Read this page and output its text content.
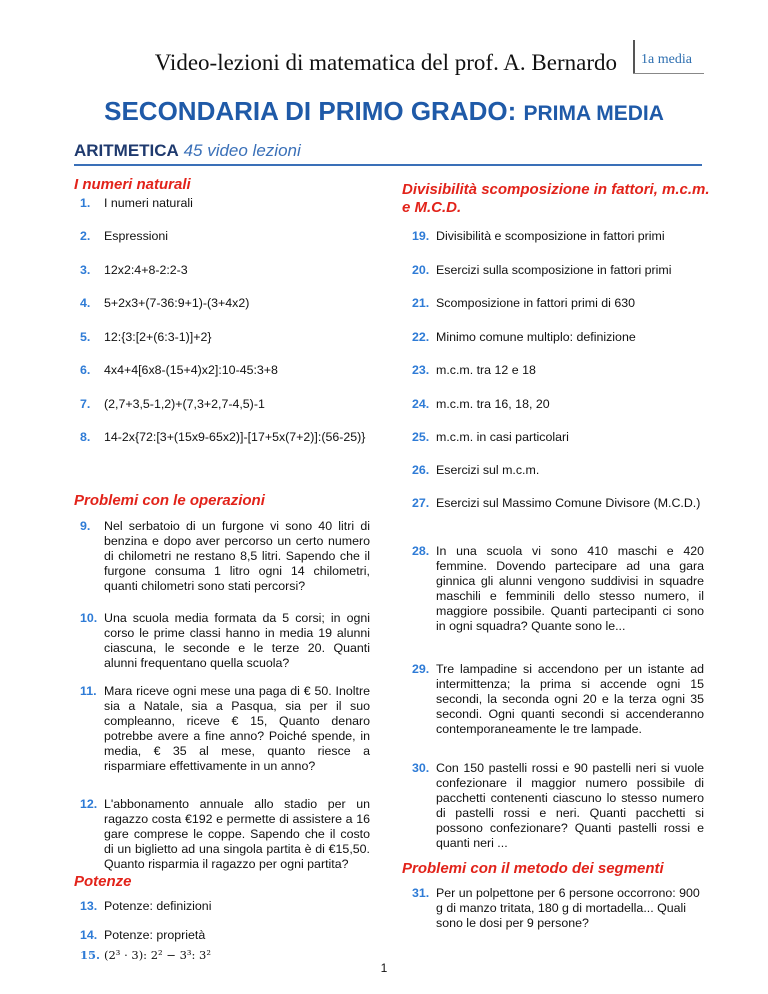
Video-lezioni di matematica del prof. A. Bernardo 1a media
SECONDARIA DI PRIMO GRADO: PRIMA MEDIA
ARITMETICA 45 video lezioni
I numeri naturali
1.	I numeri naturali
2.	Espressioni
3.	12x2:4+8-2:2-3
4.	5+2x3+(7-36:9+1)-(3+4x2)
5.	12:{3:[2+(6:3-1)]+2}
6.	4x4+4[6x8-(15+4)x2]:10-45:3+8
7.	(2,7+3,5-1,2)+(7,3+2,7-4,5)-1
8.	14-2x{72:[3+(15x9-65x2)]-[17+5x(7+2)]:(56-25)}
Problemi con le operazioni
9.	Nel serbatoio di un furgone vi sono 40 litri di benzina e dopo aver percorso un certo numero di chilometri ne restano 8,5 litri. Sapendo che il furgone consuma 1 litro ogni 14 chilometri, quanti chilometri sono stati percorsi?
10. Una scuola media formata da 5 corsi; in ogni corso le prime classi hanno in media 19 alunni ciascuna, le seconde e le terze 20. Quanti alunni frequentano quella scuola?
11. Mara riceve ogni mese una paga di € 50. Inoltre sia a Natale, sia a Pasqua, sia per il suo compleanno, riceve € 15, Quanto denaro potrebbe avere a fine anno? Poiché spende, in media, € 35 al mese, quanto riesce a risparmiare effettivamente in un anno?
12. L'abbonamento annuale allo stadio per un ragazzo costa €192 e permette di assistere a 16 gare comprese le coppe. Sapendo che il costo di un biglietto ad una singola partita è di €15,50. Quanto risparmia il ragazzo per ogni partita?
Potenze
13. Potenze: definizioni
14. Potenze: proprietà
15. (2³ · 3): 2² − 3³: 3²
Divisibilità scomposizione in fattori, m.c.m. e M.C.D.
19. Divisibilità e scomposizione in fattori primi
20. Esercizi sulla scomposizione in fattori primi
21. Scomposizione in fattori primi di 630
22. Minimo comune multiplo: definizione
23. m.c.m. tra 12 e 18
24. m.c.m. tra 16, 18, 20
25. m.c.m. in casi particolari
26. Esercizi sul m.c.m.
27. Esercizi sul Massimo Comune Divisore (M.C.D.)
28. In una scuola vi sono 410 maschi e 420 femmine. Dovendo partecipare ad una gara ginnica gli alunni vengono suddivisi in squadre maschili e femminili dello stesso numero, il maggiore possibile. Quanti partecipanti ci sono in ogni squadra? Quante sono le...
29. Tre lampadine si accendono per un istante ad intermittenza; la prima si accende ogni 15 secondi, la seconda ogni 20 e la terza ogni 35 secondi. Ogni quanti secondi si accenderanno contemporaneamente le tre lampade.
30. Con 150 pastelli rossi e 90 pastelli neri si vuole confezionare il maggior numero possibile di pacchetti contenenti ciascuno lo stesso numero di pastelli rossi e neri. Quanti pacchetti si possono confezionare? Quanti pastelli rossi e quanti neri ...
Problemi con il metodo dei segmenti
31. Per un polpettone per 6 persone occorrono: 900 g di manzo tritata, 180 g di mortadella... Quali sono le dosi per 9 persone?
1
